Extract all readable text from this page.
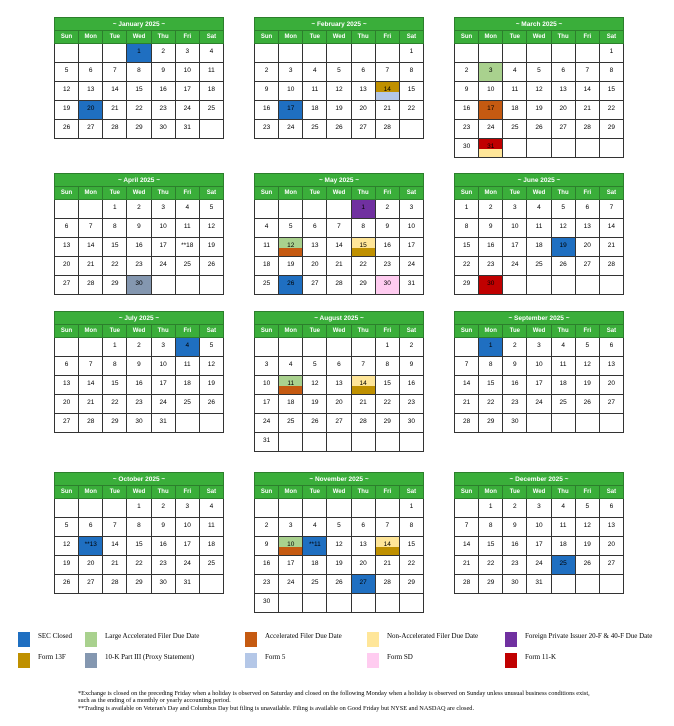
~ January 2025 ~
Sun	Mon	Tue	Wed	Thu	Fri	Sat

			1	2	3	4

5	6	7	8	9	10	11

12	13	14	15	16	17	18

19	20	21	22	23	24	25

26	27	28	29	30	31	

~ February 2025 ~
Sun	Mon	Tue	Wed	Thu	Fri	Sat

						1

2	3	4	5	6	7	8

9	10	11	12	13	14	15

16	17	18	19	20	21	22

23	24	25	26	27	28	

~ March 2025 ~
Sun	Mon	Tue	Wed	Thu	Fri	Sat

						1

2	3	4	5	6	7	8

9	10	11	12	13	14	15

16	17	18	19	20	21	22

23	24	25	26	27	28	29

30	31					

~ April 2025 ~
Sun	Mon	Tue	Wed	Thu	Fri	Sat

		1	2	3	4	5

6	7	8	9	10	11	12

13	14	15	16	17	**18	19

20	21	22	23	24	25	26

27	28	29	30			

~ May 2025 ~
Sun	Mon	Tue	Wed	Thu	Fri	Sat

				1	2	3

4	5	6	7	8	9	10

11	12	13	14	15	16	17

18	19	20	21	22	23	24

25	26	27	28	29	30	31
~ June 2025 ~
Sun	Mon	Tue	Wed	Thu	Fri	Sat

1	2	3	4	5	6	7

8	9	10	11	12	13	14

15	16	17	18	19	20	21

22	23	24	25	26	27	28

29	30					

~ July 2025 ~
Sun	Mon	Tue	Wed	Thu	Fri	Sat

		1	2	3	4	5

6	7	8	9	10	11	12

13	14	15	16	17	18	19

20	21	22	23	24	25	26

27	28	29	30	31		

~ August 2025 ~
Sun	Mon	Tue	Wed	Thu	Fri	Sat

					1	2

3	4	5	6	7	8	9

10	11	12	13	14	15	16

17	18	19	20	21	22	23

24	25	26	27	28	29	30

31						

~ September 2025 ~
Sun	Mon	Tue	Wed	Thu	Fri	Sat

	1	2	3	4	5	6

7	8	9	10	11	12	13

14	15	16	17	18	19	20

21	22	23	24	25	26	27

28	29	30				

~ October 2025 ~
Sun	Mon	Tue	Wed	Thu	Fri	Sat

			1	2	3	4

5	6	7	8	9	10	11

12	**13	14	15	16	17	18

19	20	21	22	23	24	25

26	27	28	29	30	31	

~ November 2025 ~
Sun	Mon	Tue	Wed	Thu	Fri	Sat

						1

2	3	4	5	6	7	8

9	10	**11	12	13	14	15

16	17	18	19	20	21	22

23	24	25	26	27	28	29

30						

~ December 2025 ~
Sun	Mon	Tue	Wed	Thu	Fri	Sat

	1	2	3	4	5	6

7	8	9	10	11	12	13

14	15	16	17	18	19	20

21	22	23	24	25	26	27

28	29	30	31			

SEC Closed	Large Accelerated Filer Due Date	Accelerated Filer Due Date	Non-Accelerated Filer Due Date	Foreign Private Issuer 20-F & 40-F Due Date
Form 13F	10-K Part III (Proxy Statement)	Form 5	Form SD	Form 11-K

*Exchange is closed on the preceding Friday when a holiday is observed on Saturday and closed on the following Monday when a holiday is observed on Sunday unless unusual business conditions exist, such as the ending of a monthly or yearly accounting period.

**Trading is available on Veteran's Day and Columbus Day but filing is unavailable. Filing is available on Good Friday but NYSE and NASDAQ are closed.
